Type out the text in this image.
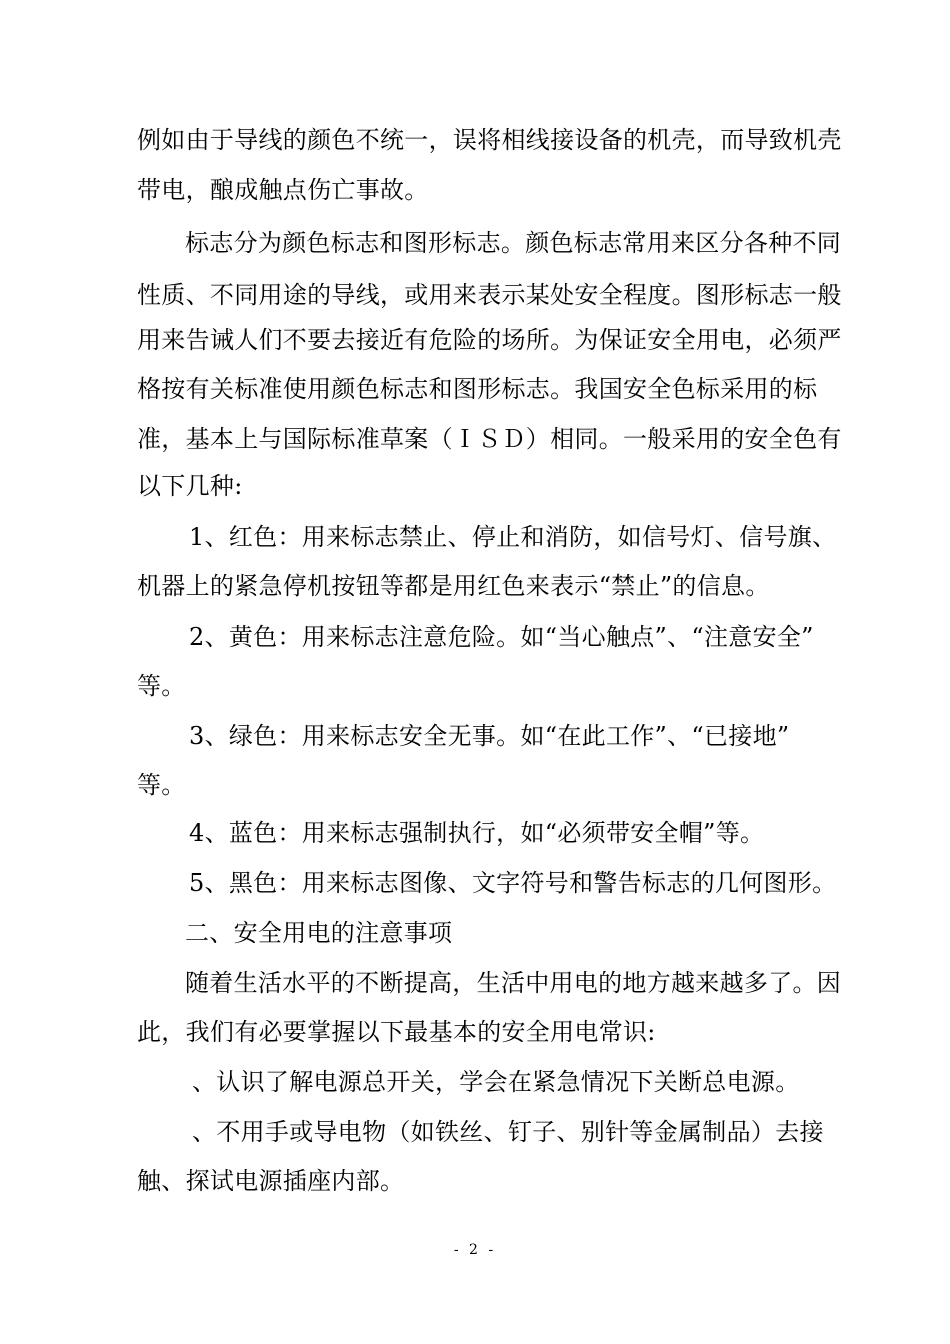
例如由于导线的颜色不统一，误将相线接设备的机壳，而导致机壳
带电，酿成触点伤亡事故。
标志分为颜色标志和图形标志。颜色标志常用来区分各种不同
性质、不同用途的导线，或用来表示某处安全程度。图形标志一般
用来告诫人们不要去接近有危险的场所。为保证安全用电，必须严
格按有关标准使用颜色标志和图形标志。我国安全色标采用的标
准，基本上与国际标准草案（ＩＳＤ）相同。一般采用的安全色有
以下几种:
1、红色：用来标志禁止、停止和消防，如信号灯、信号旗、
机器上的紧急停机按钮等都是用红色来表示“禁止”的信息。
2、黄色：用来标志注意危险。如“当心触点”、“注意安全”
等。
3、绿色：用来标志安全无事。如“在此工作”、“已接地”
等。
4、蓝色：用来标志强制执行，如“必须带安全帽”等。
5、黑色：用来标志图像、文字符号和警告标志的几何图形。
二、安全用电的注意事项
随着生活水平的不断提高，生活中用电的地方越来越多了。因
此，我们有必要掌握以下最基本的安全用电常识:
、认识了解电源总开关，学会在紧急情况下关断总电源。
、不用手或导电物（如铁丝、钉子、别针等金属制品）去接
触、探试电源插座内部。
- 2 -
